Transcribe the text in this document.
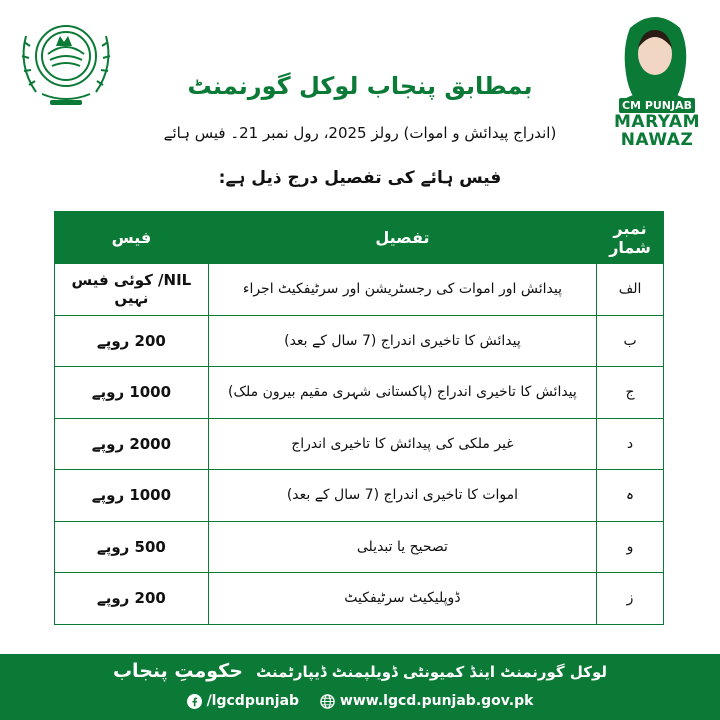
CM PUNJAB
MARYAM
NAWAZ
بمطابق پنجاب لوکل گورنمنٹ
(اندراج پیدائش و اموات) رولز 2025، رول نمبر 21۔ فیس ہائے
فیس ہائے کی تفصیل درج ذیل ہے:
نمبر شمار	تفصیل	فیس
الف	پیدائش اور اموات کی رجسٹریشن اور سرٹیفکیٹ اجراء	NIL/ کوئی فیس نہیں
ب	پیدائش کا تاخیری اندراج (7 سال کے بعد)	200 روپے
ج	پیدائش کا تاخیری اندراج (پاکستانی شہری مقیم بیرون ملک)	1000 روپے
د	غیر ملکی کی پیدائش کا تاخیری اندراج	2000 روپے
ہ	اموات کا تاخیری اندراج (7 سال کے بعد)	1000 روپے
و	تصحیح یا تبدیلی	500 روپے
ز	ڈوپلیکیٹ سرٹیفکیٹ	200 روپے
لوکل گورنمنٹ اینڈ کمیونٹی ڈویلپمنٹ ڈیپارٹمنٹ حکومتِ پنجاب
/lgcdpunjab
	www.lgcd.punjab.gov.pk
